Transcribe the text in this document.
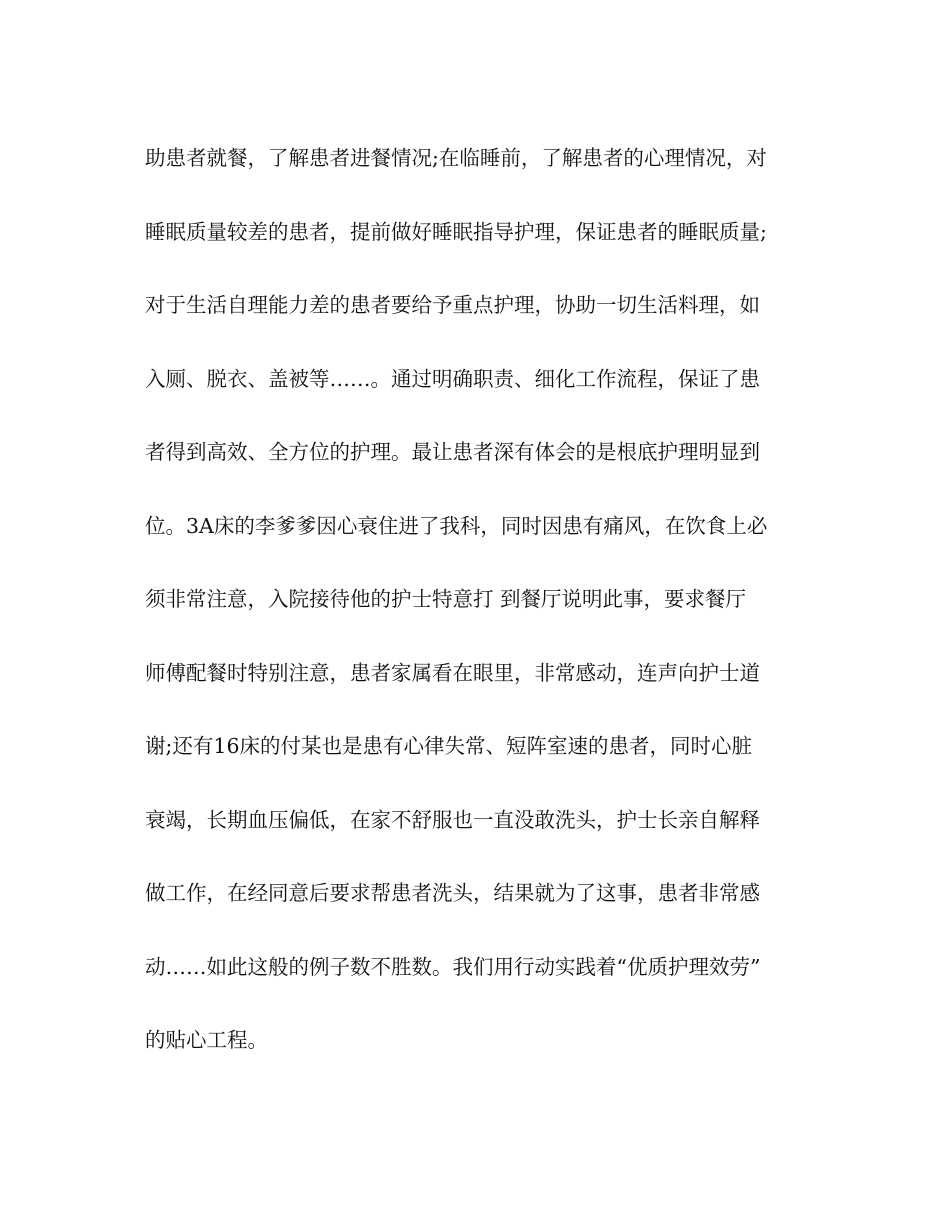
助患者就餐，了解患者进餐情况;在临睡前，了解患者的心理情况，对
睡眠质量较差的患者，提前做好睡眠指导护理，保证患者的睡眠质量;
对于生活自理能力差的患者要给予重点护理，协助一切生活料理，如
入厕、脱衣、盖被等……。通过明确职责、细化工作流程，保证了患
者得到高效、全方位的护理。最让患者深有体会的是根底护理明显到
位。3A床的李爹爹因心衰住进了我科，同时因患有痛风，在饮食上必
须非常注意，入院接待他的护士特意打 到餐厅说明此事，要求餐厅
师傅配餐时特别注意，患者家属看在眼里，非常感动，连声向护士道
谢;还有16床的付某也是患有心律失常、短阵室速的患者，同时心脏
衰竭，长期血压偏低，在家不舒服也一直没敢洗头，护士长亲自解释
做工作，在经同意后要求帮患者洗头，结果就为了这事，患者非常感
动……如此这般的例子数不胜数。我们用行动实践着“优质护理效劳”
的贴心工程。
